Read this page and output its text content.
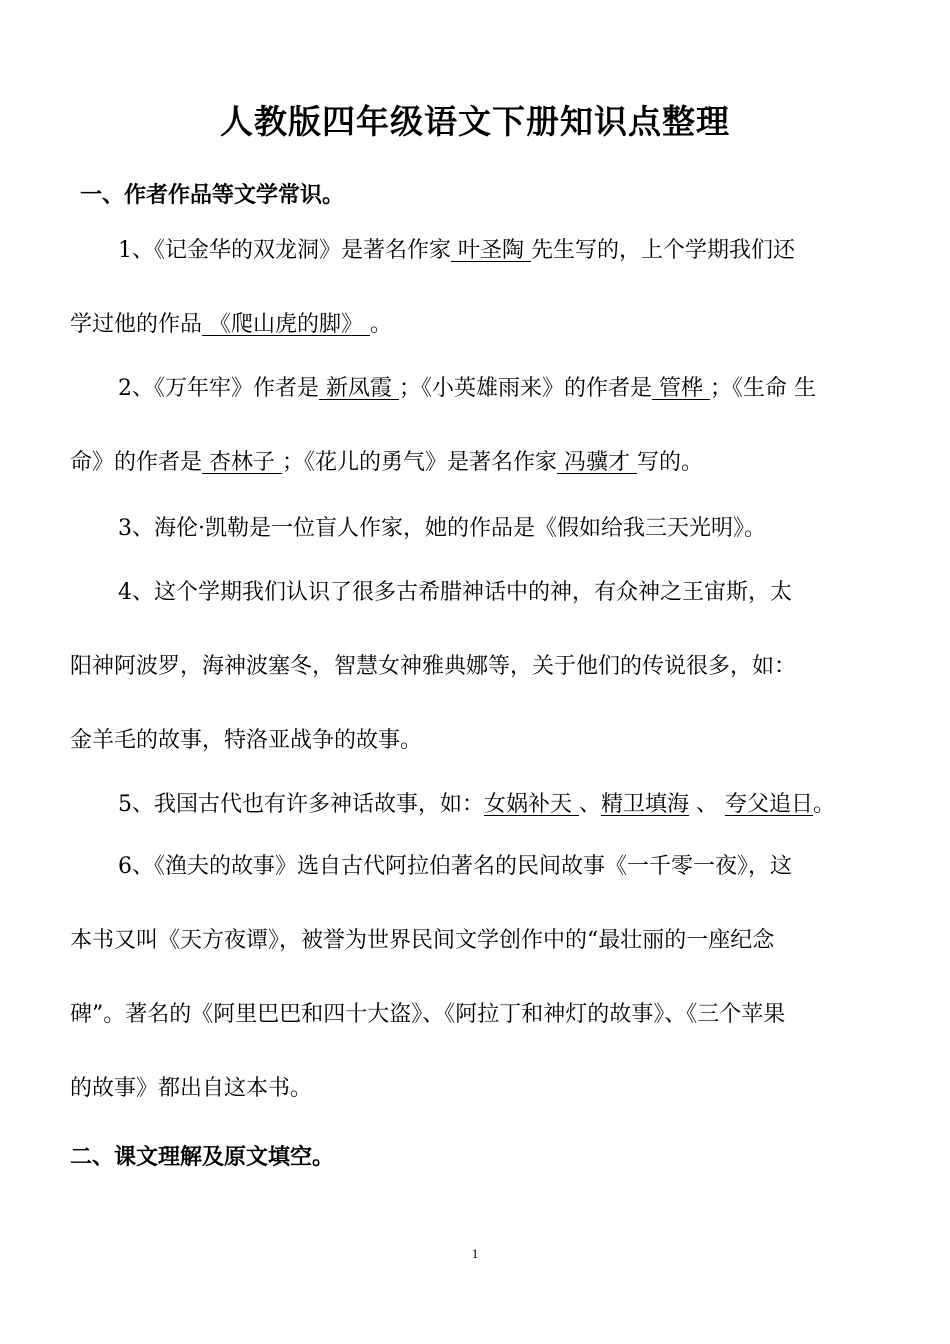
人教版四年级语文下册知识点整理
一、作者作品等文学常识。
1、《记金华的双龙洞》是著名作家 叶圣陶 先生写的，上个学期我们还
学过他的作品 《爬山虎的脚》 。
2、《万年牢》作者是 新凤霞 ；《小英雄雨来》的作者是 管桦 ；《生命 生
命》的作者是 杏林子 ；《花儿的勇气》是著名作家 冯骥才 写的。
3、海伦·凯勒是一位盲人作家，她的作品是《假如给我三天光明》。
4、这个学期我们认识了很多古希腊神话中的神，有众神之王宙斯，太
阳神阿波罗，海神波塞冬，智慧女神雅典娜等，关于他们的传说很多，如：
金羊毛的故事，特洛亚战争的故事。
5、我国古代也有许多神话故事，如：女娲补天 、精卫填海 、 夸父追日。
6、《渔夫的故事》选自古代阿拉伯著名的民间故事《一千零一夜》，这
本书又叫《天方夜谭》，被誉为世界民间文学创作中的“最壮丽的一座纪念
碑”。著名的《阿里巴巴和四十大盗》、《阿拉丁和神灯的故事》、《三个苹果
的故事》都出自这本书。
二、课文理解及原文填空。
1
